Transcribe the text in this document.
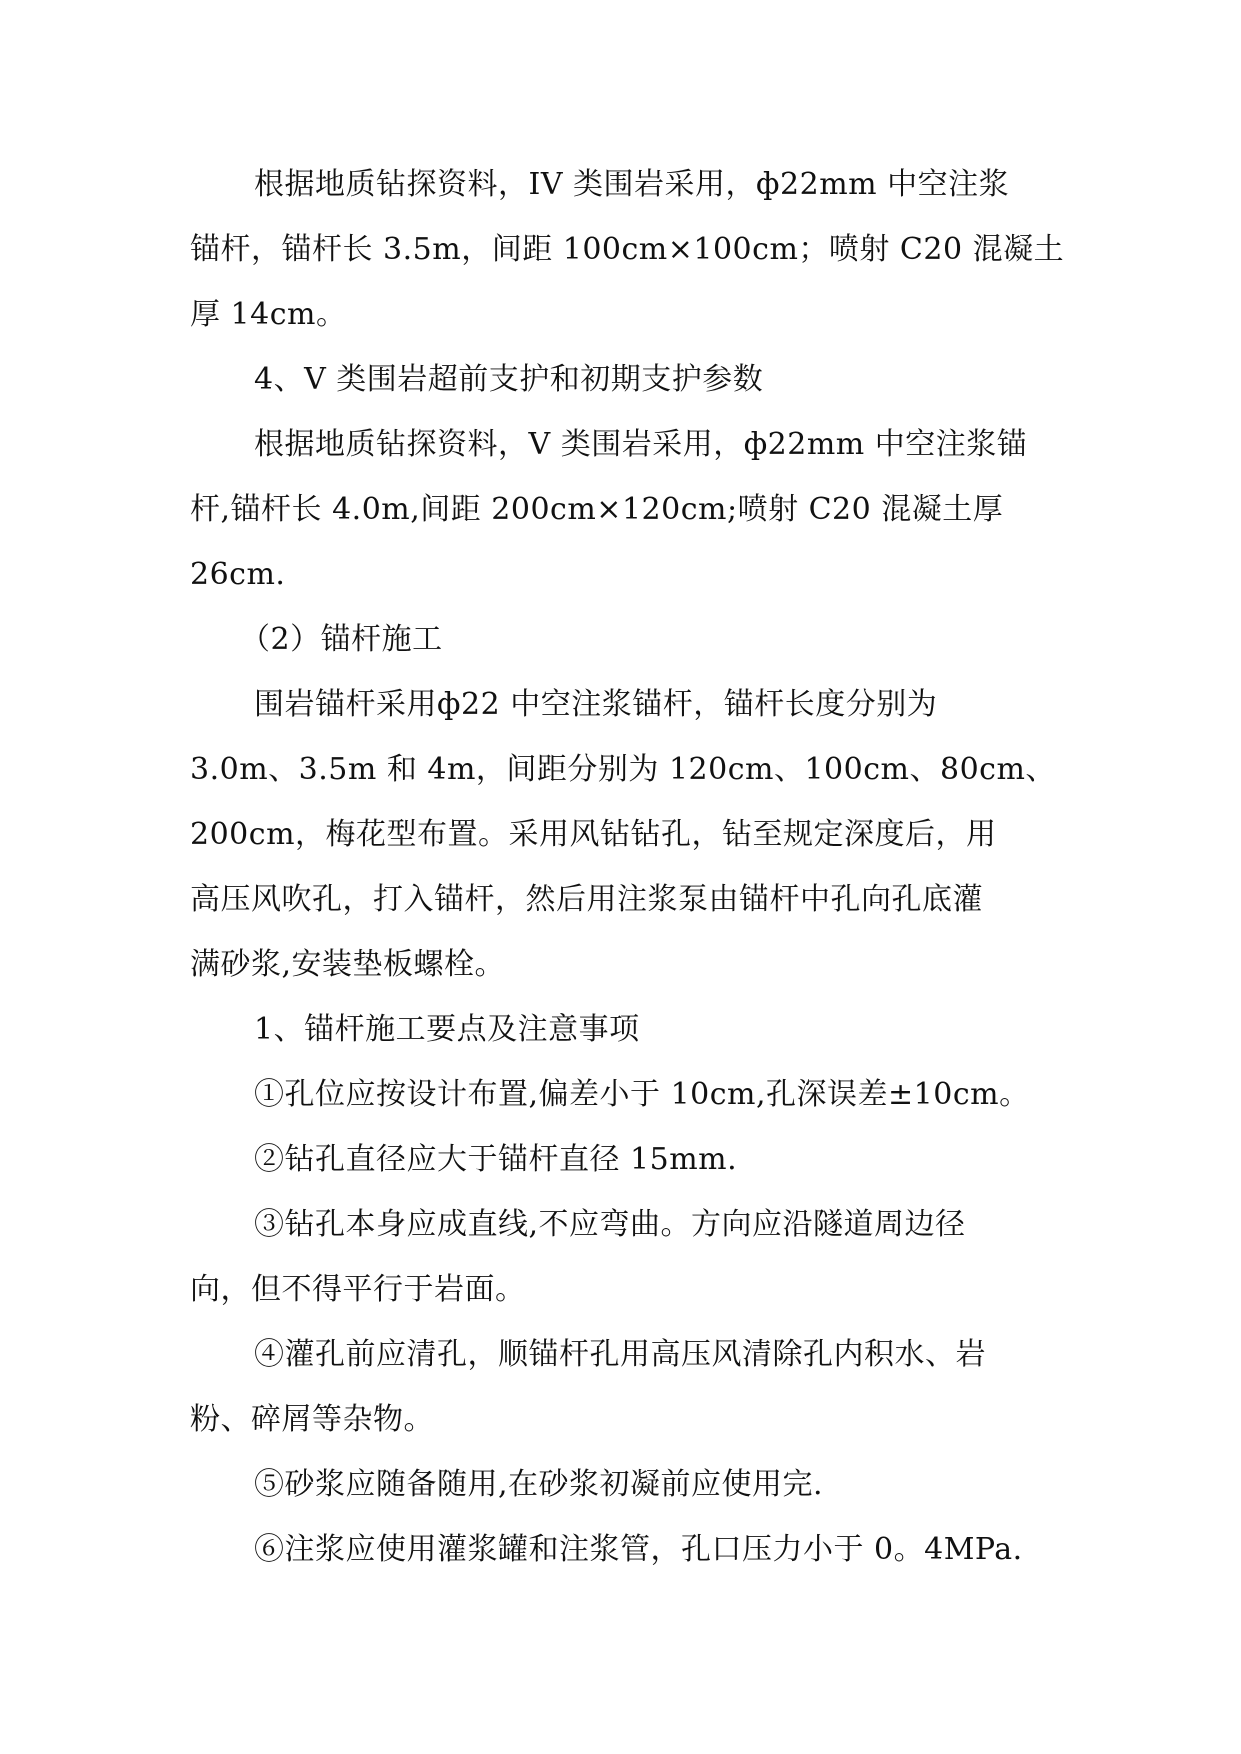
根据地质钻探资料，IV 类围岩采用，ф22mm 中空注浆
锚杆，锚杆长 3.5m，间距 100cm×100cm；喷射 C20 混凝土
厚 14cm。
4、V 类围岩超前支护和初期支护参数
根据地质钻探资料，V 类围岩采用，ф22mm 中空注浆锚
杆,锚杆长 4.0m,间距 200cm×120cm;喷射 C20 混凝土厚
26cm.
（2）锚杆施工
围岩锚杆采用ф22 中空注浆锚杆，锚杆长度分别为
3.0m、3.5m 和 4m，间距分别为 120cm、100cm、80cm、
200cm，梅花型布置。采用风钻钻孔，钻至规定深度后，用
高压风吹孔，打入锚杆，然后用注浆泵由锚杆中孔向孔底灌
满砂浆,安装垫板螺栓。
1、锚杆施工要点及注意事项
①孔位应按设计布置,偏差小于 10cm,孔深误差±10cm。
②钻孔直径应大于锚杆直径 15mm.
③钻孔本身应成直线,不应弯曲。方向应沿隧道周边径
向，但不得平行于岩面。
④灌孔前应清孔，顺锚杆孔用高压风清除孔内积水、岩
粉、碎屑等杂物。
⑤砂浆应随备随用,在砂浆初凝前应使用完.
⑥注浆应使用灌浆罐和注浆管，孔口压力小于 0。4MPa.
